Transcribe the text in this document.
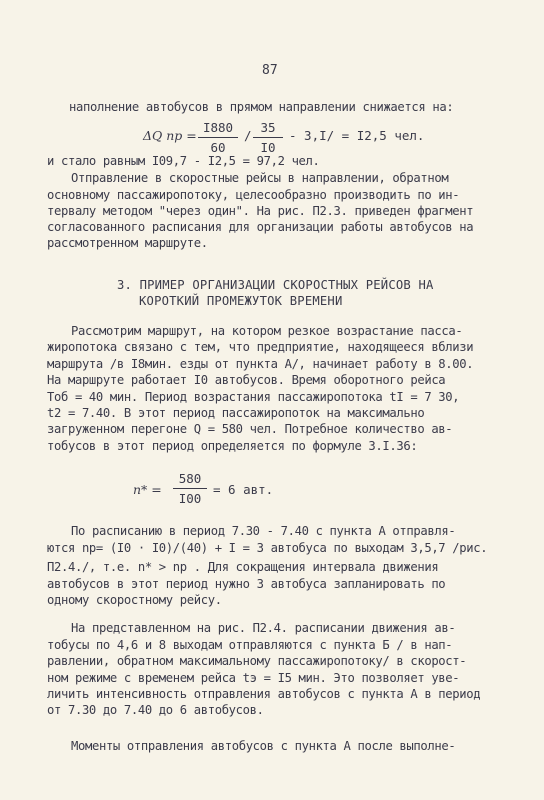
87
наполнение автобусов в прямом направлении снижается на:
ΔQ пр =
I880
60
/
35
I0
- 3,I/ = I2,5 чел.
и стало равным I09,7 - I2,5 = 97,2 чел.
Отправление в скоростные рейсы в направлении, обратном
основному пассажиропотоку, целесообразно производить по ин-
тервалу методом "через один". На рис. П2.3. приведен фрагмент
согласованного расписания для организации работы автобусов на
рассмотренном маршруте.
3. ПРИМЕР ОРГАНИЗАЦИИ СКОРОСТНЫХ РЕЙСОВ НА
КОРОТКИЙ ПРОМЕЖУТОК ВРЕМЕНИ
Рассмотрим маршрут, на котором резкое возрастание пасса-
жиропотока связано с тем, что предприятие, находящееся вблизи
маршрута /в I8мин. езды от пункта А/, начинает работу в 8.00.
На маршруте работает I0 автобусов. Время оборотного рейса
Тоб = 40 мин. Период возрастания пассажиропотока tI = 7 30,
t2 = 7.40. В этот период пассажиропоток на максимально
загруженном перегоне Q = 580 чел. Потребное количество ав-
тобусов в этот период определяется по формуле 3.I.36:
n* =
580
I00
= 6 авт.
По расписанию в период 7.30 - 7.40 с пункта А отправля-
ются nр= (I0 · I0)/(40) + I = 3 автобуса по выходам 3,5,7 /рис.
П2.4./, т.е. n* > nр . Для сокращения интервала движения
автобусов в этот период нужно 3 автобуса запланировать по
одному скоростному рейсу.
На представленном на рис. П2.4. расписании движения ав-
тобусы по 4,6 и 8 выходам отправляются с пункта Б / в нап-
равлении, обратном максимальному пассажиропотоку/ в скорост-
ном режиме с временем рейса tэ = I5 мин. Это позволяет уве-
личить интенсивность отправления автобусов с пункта А в период
от 7.30 до 7.40 до 6 автобусов.
Моменты отправления автобусов с пункта А после выполне-
